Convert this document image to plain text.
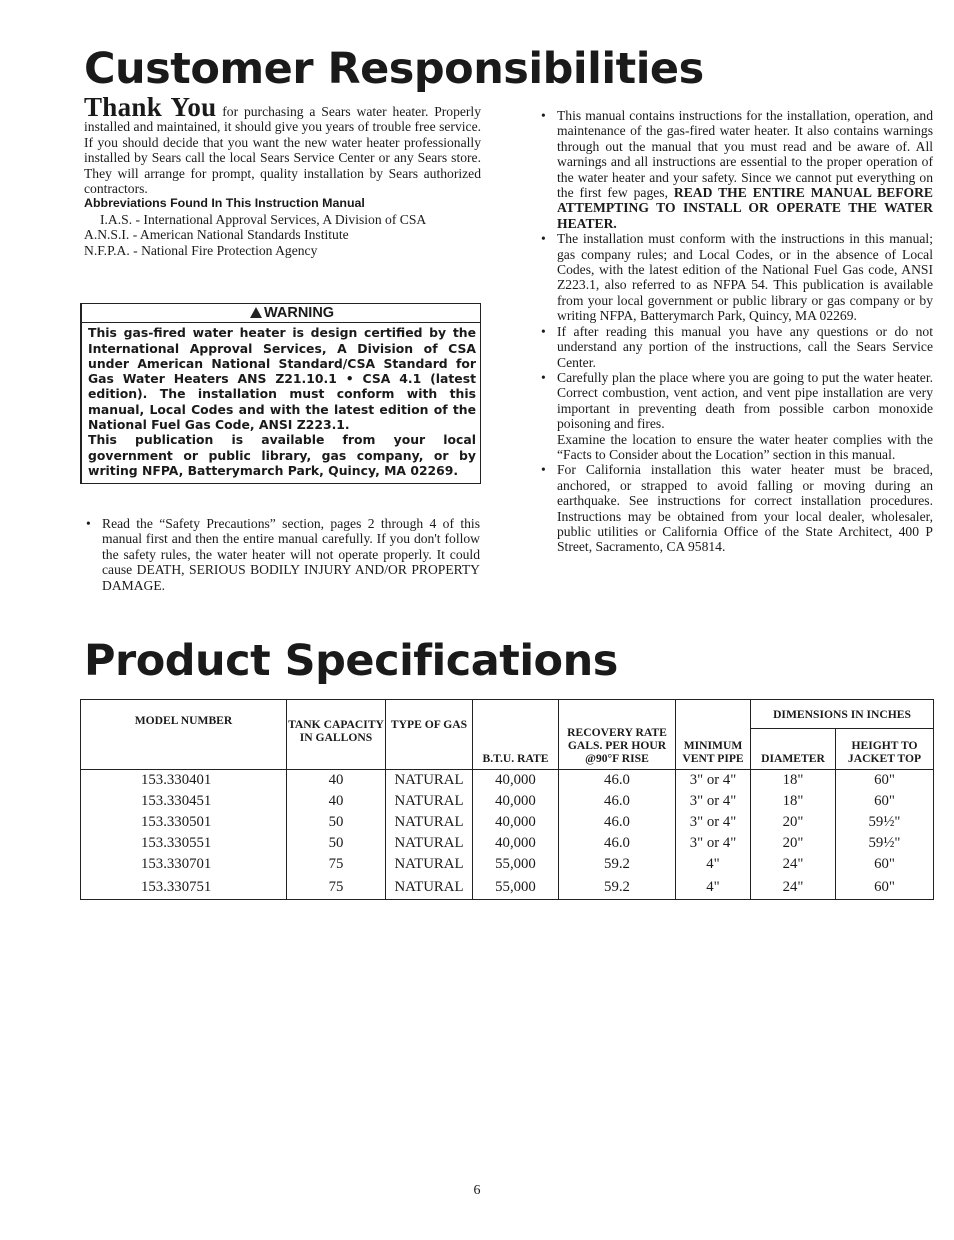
Customer Responsibilities

Thank You for purchasing a Sears water heater. Properly installed and maintained, it should give you years of trouble free service. If you should decide that you want the new water heater professionally installed by Sears call the local Sears Service Center or any Sears store. They will arrange for prompt, quality installation by Sears authorized contractors.

Abbreviations Found In This Instruction Manual

I.A.S. - International Approval Services, A Division of CSA

A.N.S.I. - American National Standards Institute

N.F.P.A. - National Fire Protection Agency

WARNING

This gas-fired water heater is design certified by the International Approval Services, A Division of CSA under American National Standard/CSA Standard for Gas Water Heaters ANS Z21.10.1 • CSA 4.1 (latest edition). The installation must conform with this manual, Local Codes and with the latest edition of the National Fuel Gas Code, ANSI Z223.1.

This publication is available from your local government or public library, gas company, or by writing NFPA, Batterymarch Park, Quincy, MA 02269.

• Read the “Safety Precautions” section, pages 2 through 4 of this manual first and then the entire manual carefully. If you don't follow the safety rules, the water heater will not operate properly. It could cause DEATH, SERIOUS BODILY INJURY AND/OR PROPERTY DAMAGE.
• This manual contains instructions for the installation, operation, and maintenance of the gas-fired water heater. It also contains warnings through out the manual that you must read and be aware of. All warnings and all instructions are essential to the proper operation of the water heater and your safety. Since we cannot put everything on the first few pages, READ THE ENTIRE MANUAL BEFORE ATTEMPTING TO INSTALL OR OPERATE THE WATER HEATER.
• The installation must conform with the instructions in this manual; gas company rules; and Local Codes, or in the absence of Local Codes, with the latest edition of the National Fuel Gas code, ANSI Z223.1, also referred to as NFPA 54. This publication is available from your local government or public library or gas company or by writing NFPA, Batterymarch Park, Quincy, MA 02269.
• If after reading this manual you have any questions or do not understand any portion of the instructions, call the Sears Service Center.

• Carefully plan the place where you are going to put the water heater. Correct combustion, vent action, and vent pipe installation are very important in preventing death from possible carbon monoxide poisoning and fires.

Examine the location to ensure the water heater complies with the “Facts to Consider about the Location” section in this manual.

• For California installation this water heater must be braced, anchored, or strapped to avoid falling or moving during an earthquake. See instructions for correct installation procedures. Instructions may be obtained from your local dealer, wholesaler, public utilities or California Office of the State Architect, 400 P Street, Sacramento, CA 95814.
Product Specifications
MODEL NUMBER	TANK CAPACITY IN GALLONS	TYPE OF GAS	B.T.U. RATE	RECOVERY RATE GALS. PER HOUR @90°F RISE	MINIMUM VENT PIPE	DIMENSIONS IN INCHES	
						DIAMETER	HEIGHT TO JACKET TOP
153.330401	40	NATURAL	40,000	46.0	3" or 4"	18"	60"
153.330451	40	NATURAL	40,000	46.0	3" or 4"	18"	60"
153.330501	50	NATURAL	40,000	46.0	3" or 4"	20"	59½"
153.330551	50	NATURAL	40,000	46.0	3" or 4"	20"	59½"
153.330701	75	NATURAL	55,000	59.2	4"	24"	60"
153.330751	75	NATURAL	55,000	59.2	4"	24"	60"
6
